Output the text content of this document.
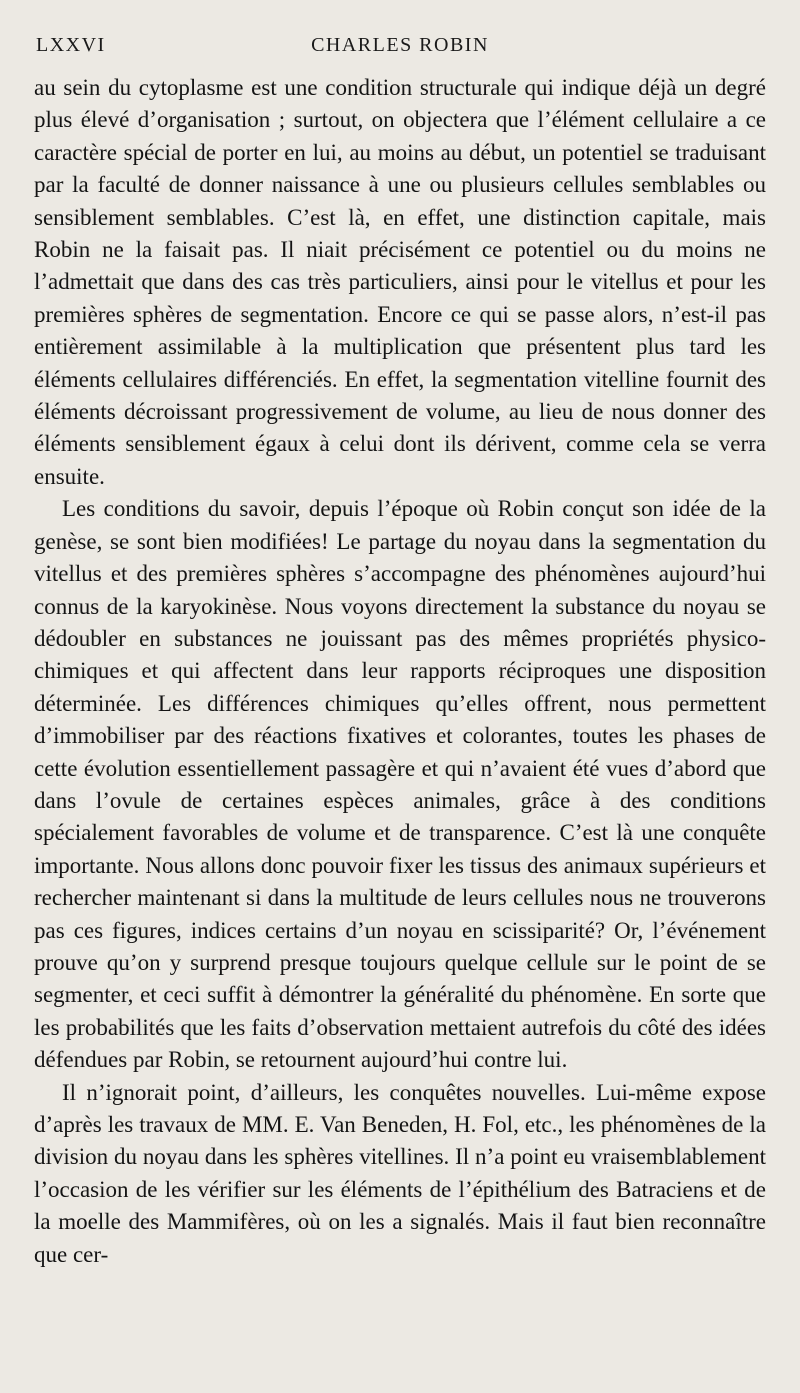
LXXVI	CHARLES ROBIN

au sein du cytoplasme est une condition structurale qui indique déjà un degré plus élevé d’organisation ; surtout, on objectera que l’élément cellulaire a ce caractère spécial de porter en lui, au moins au début, un potentiel se traduisant par la faculté de donner naissance à une ou plusieurs cellules semblables ou sensiblement semblables. C’est là, en effet, une distinction capitale, mais Robin ne la faisait pas. Il niait précisément ce potentiel ou du moins ne l’admettait que dans des cas très particuliers, ainsi pour le vitellus et pour les premières sphères de segmentation. Encore ce qui se passe alors, n’est-il pas entièrement assimilable à la multiplication que présentent plus tard les éléments cellulaires différenciés. En effet, la segmentation vitelline fournit des éléments décroissant progressivement de volume, au lieu de nous donner des éléments sensiblement égaux à celui dont ils dérivent, comme cela se verra ensuite.

Les conditions du savoir, depuis l’époque où Robin conçut son idée de la genèse, se sont bien modifiées! Le partage du noyau dans la segmentation du vitellus et des premières sphères s’accompagne des phénomènes aujourd’hui connus de la karyokinèse. Nous voyons directement la substance du noyau se dédoubler en substances ne jouissant pas des mêmes propriétés physico-chimiques et qui affectent dans leur rapports réciproques une disposition déterminée. Les différences chimiques qu’elles offrent, nous permettent d’immobiliser par des réactions fixatives et colorantes, toutes les phases de cette évolution essentiellement passagère et qui n’avaient été vues d’abord que dans l’ovule de certaines espèces animales, grâce à des conditions spécialement favorables de volume et de transparence. C’est là une conquête importante. Nous allons donc pouvoir fixer les tissus des animaux supérieurs et rechercher maintenant si dans la multitude de leurs cellules nous ne trouverons pas ces figures, indices certains d’un noyau en scissiparité? Or, l’événement prouve qu’on y surprend presque toujours quelque cellule sur le point de se segmenter, et ceci suffit à démontrer la généralité du phénomène. En sorte que les probabilités que les faits d’observation mettaient autrefois du côté des idées défendues par Robin, se retournent aujourd’hui contre lui.

Il n’ignorait point, d’ailleurs, les conquêtes nouvelles. Lui-même expose d’après les travaux de MM. E. Van Beneden, H. Fol, etc., les phénomènes de la division du noyau dans les sphères vitellines. Il n’a point eu vraisemblablement l’occasion de les vérifier sur les éléments de l’épithélium des Batraciens et de la moelle des Mammifères, où on les a signalés. Mais il faut bien reconnaître que cer-
